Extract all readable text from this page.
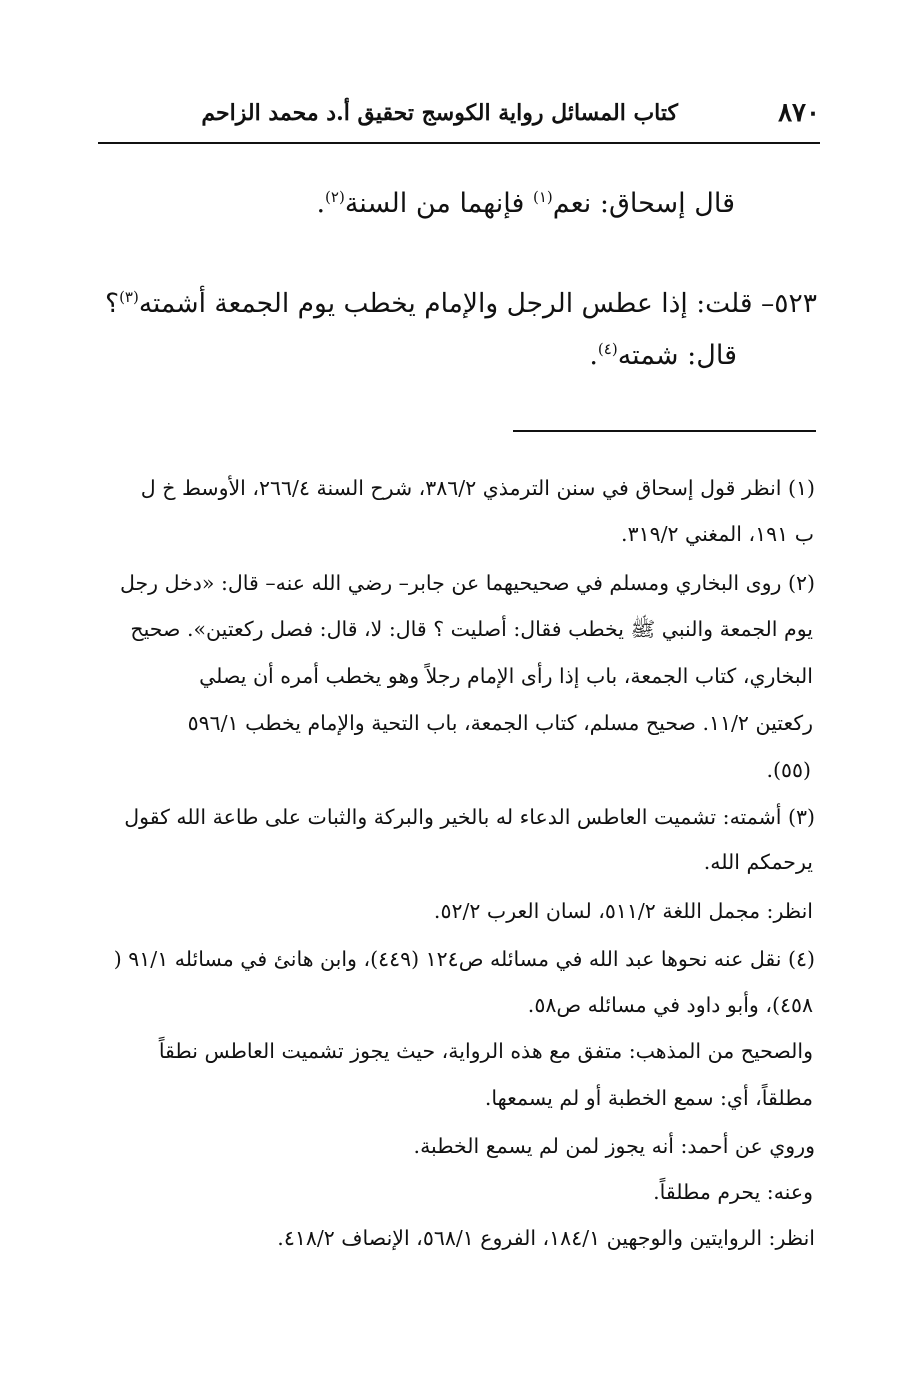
٨٧٠
كتاب المسائل رواية الكوسج تحقيق أ.د محمد الزاحم
قال إسحاق: نعم$^{(١)}$ فإنهما من السنة$^{(٢)}$.
٥٢٣– قلت: إذا عطس الرجل والإمام يخطب يوم الجمعة أشمته$^{(٣)}$؟
قال: شمته$^{(٤)}$.
(١) انظر قول إسحاق في سنن الترمذي ٣٨٦/٢، شرح السنة ٢٦٦/٤، الأوسط خ ل
ب ١٩١، المغني ٣١٩/٢.
(٢) روى البخاري ومسلم في صحيحيهما عن جابر– رضي الله عنه– قال: «دخل رجل
يوم الجمعة والنبي ﷺ يخطب فقال: أصليت ؟ قال: لا، قال: فصل ركعتين». صحيح
البخاري، كتاب الجمعة، باب إذا رأى الإمام رجلاً وهو يخطب أمره أن يصلي
ركعتين ١١/٢. صحيح مسلم، كتاب الجمعة، باب التحية والإمام يخطب ٥٩٦/١
(٥٥).
(٣) أشمته: تشميت العاطس الدعاء له بالخير والبركة والثبات على طاعة الله كقول
يرحمكم الله.
انظر: مجمل اللغة ٥١١/٢، لسان العرب ٥٢/٢.
(٤) نقل عنه نحوها عبد الله في مسائله ص١٢٤ (٤٤٩)، وابن هانئ في مسائله ٩١/١ (
٤٥٨)، وأبو داود في مسائله ص٥٨.
والصحيح من المذهب: متفق مع هذه الرواية، حيث يجوز تشميت العاطس نطقاً
مطلقاً، أي: سمع الخطبة أو لم يسمعها.
وروي عن أحمد: أنه يجوز لمن لم يسمع الخطبة.
وعنه: يحرم مطلقاً.
انظر: الروايتين والوجهين ١٨٤/١، الفروع ٥٦٨/١، الإنصاف ٤١٨/٢.
